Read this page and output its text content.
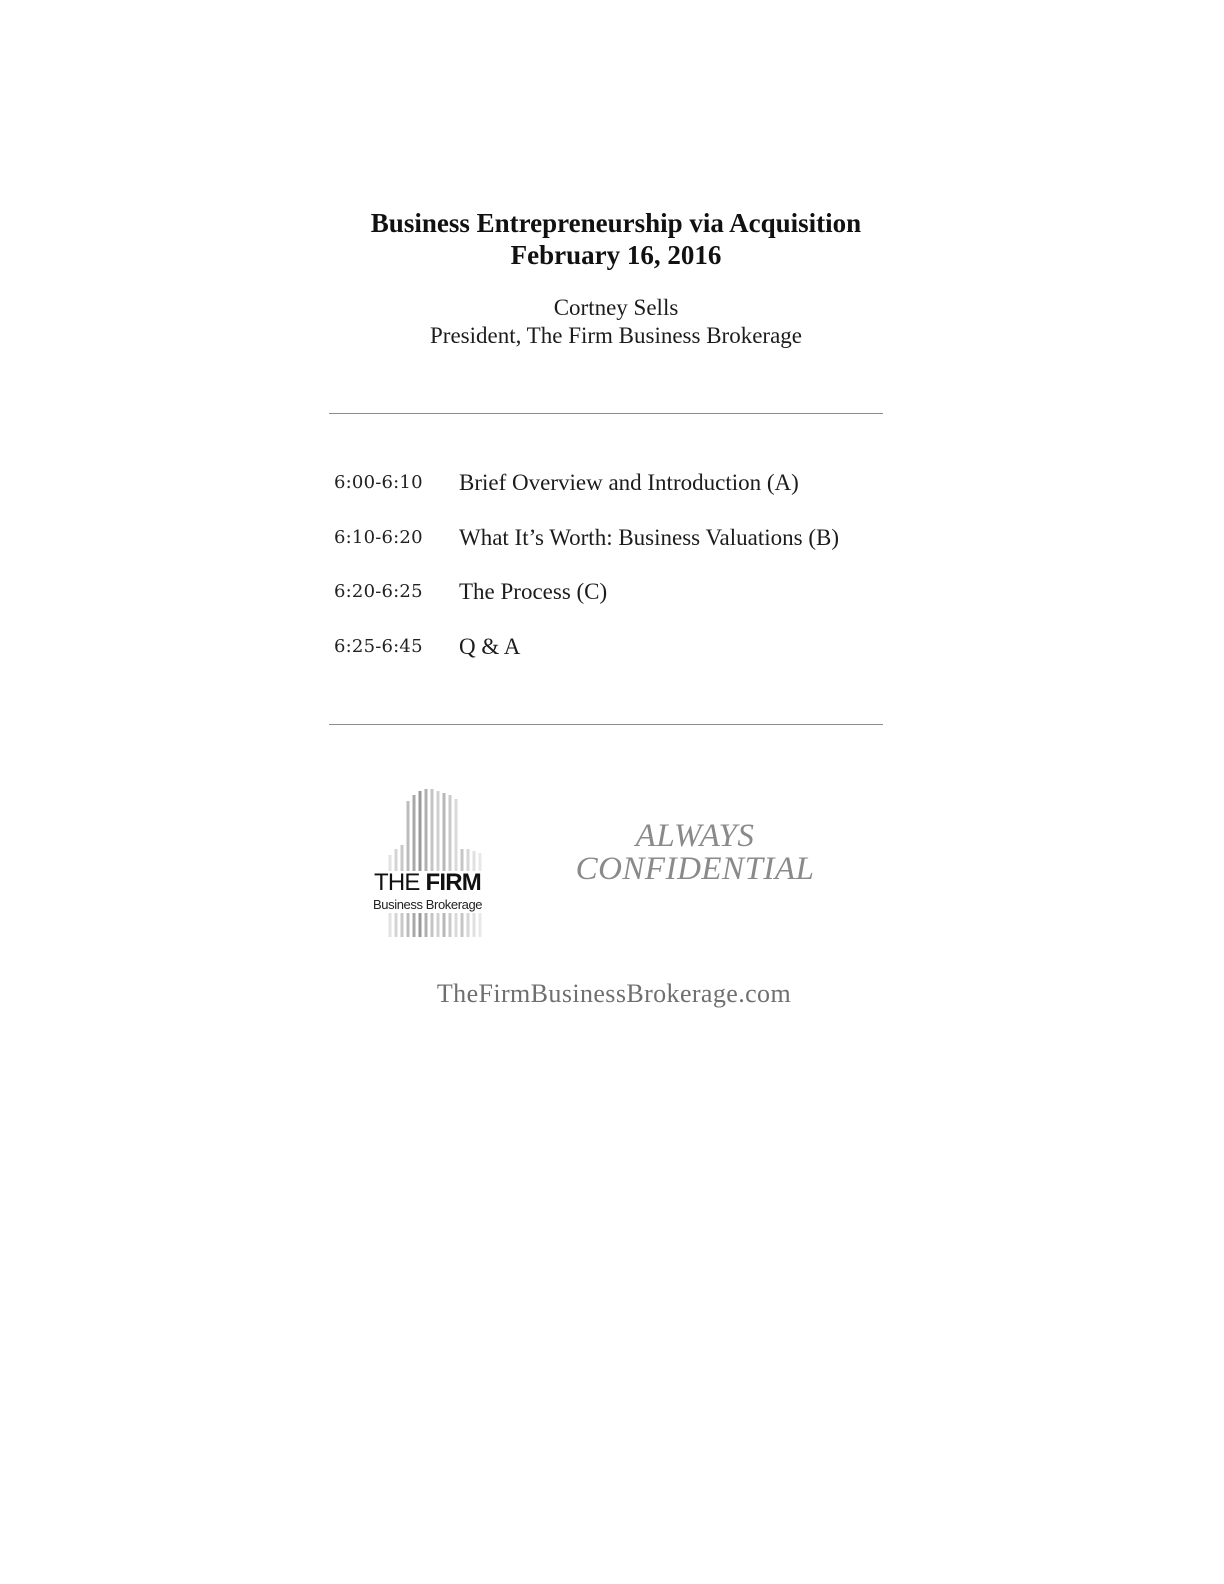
Business Entrepreneurship via Acquisition

February 16, 2016

Cortney Sells

President, The Firm Business Brokerage

6:00-6:10 Brief Overview and Introduction (A)
6:10-6:20 What It’s Worth: Business Valuations (B)
6:20-6:25 The Process (C)
6:25-6:45 Q & A
THE FIRM
Business Brokerage
ALWAYS
CONFIDENTIAL
TheFirmBusinessBrokerage.com
